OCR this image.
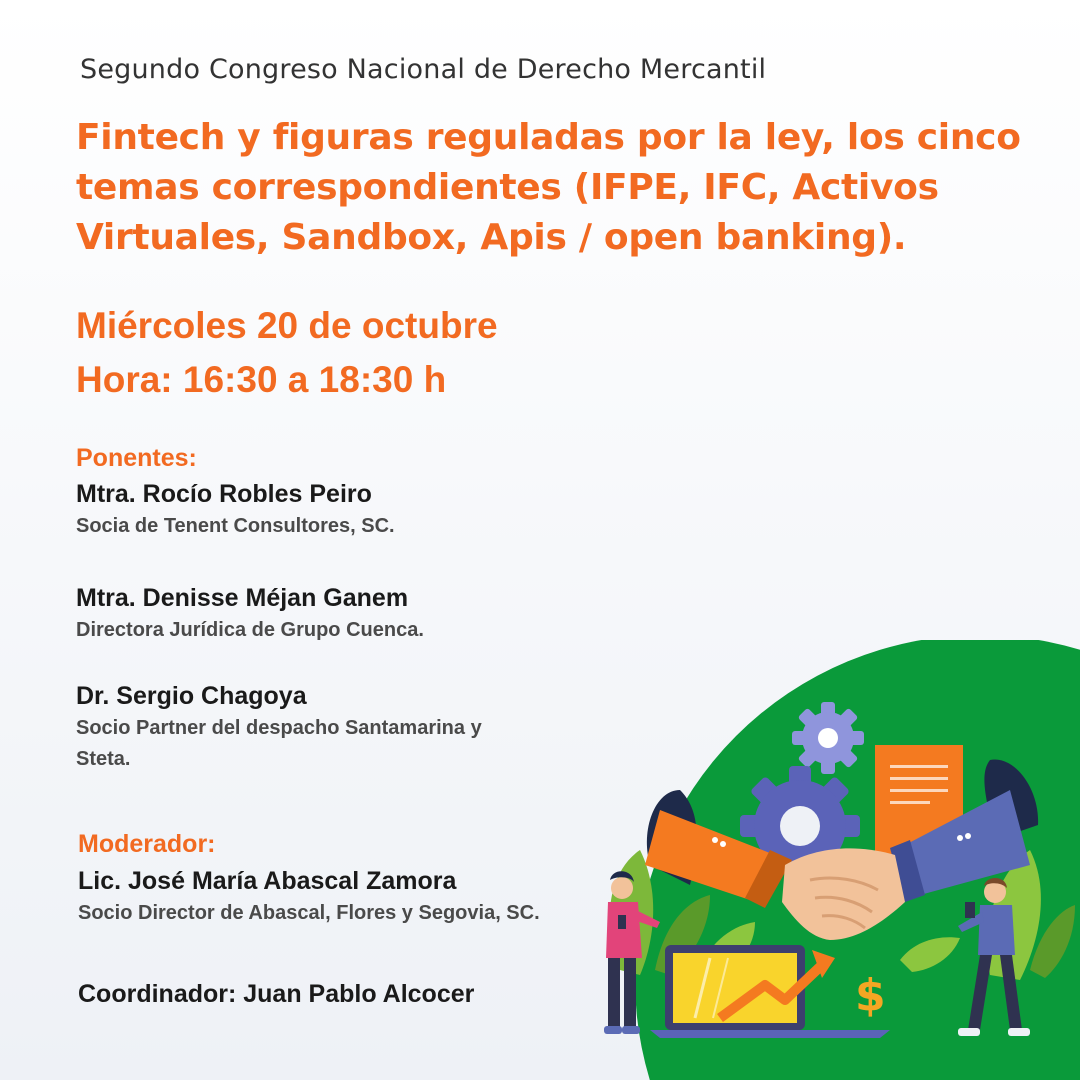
Segundo Congreso Nacional de Derecho Mercantil
Fintech y figuras reguladas por la ley, los cinco
temas correspondientes (IFPE, IFC, Activos
Virtuales, Sandbox, Apis / open banking).
Miércoles 20 de octubre
Hora: 16:30 a 18:30 h
Ponentes:
Mtra. Rocío Robles Peiro
Socia de Tenent Consultores, SC.
Mtra. Denisse Méjan Ganem
Directora Jurídica de Grupo Cuenca.
Dr. Sergio Chagoya
Socio Partner del despacho Santamarina y
Steta.
Moderador:
Lic. José María Abascal Zamora
Socio Director de Abascal, Flores y Segovia, SC.
Coordinador: Juan Pablo Alcocer	$
